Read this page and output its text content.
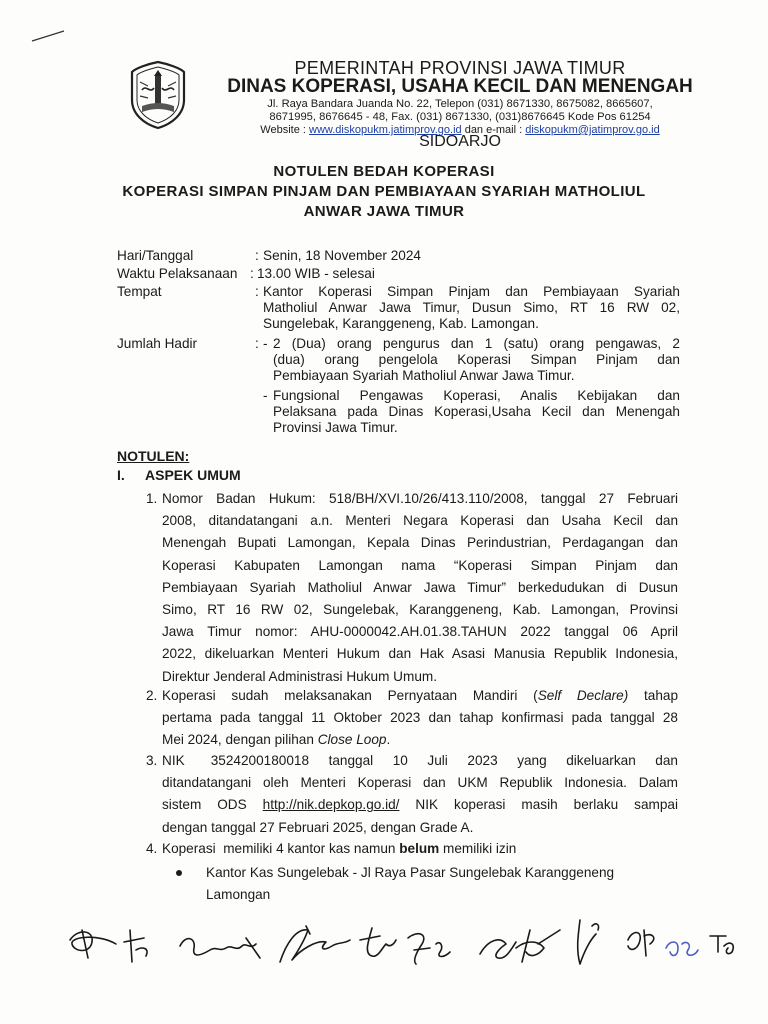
PEMERINTAH PROVINSI JAWA TIMUR
DINAS KOPERASI, USAHA KECIL DAN MENENGAH
Jl. Raya Bandara Juanda No. 22, Telepon (031) 8671330, 8675082, 8665607,
8671995, 8676645 - 48, Fax. (031) 8671330, (031)8676645 Kode Pos 61254
Website : www.diskopukm.jatimprov.go.id dan e-mail : diskopukm@jatimprov.go.id
SIDOARJO
NOTULEN BEDAH KOPERASI
KOPERASI SIMPAN PINJAM DAN PEMBIAYAAN SYARIAH MATHOLIUL
ANWAR JAWA TIMUR
Hari/Tanggal	: Senin, 18 November 2024
Waktu Pelaksanaan : 13.00 WIB - selesai
Tempat	: Kantor Koperasi Simpan Pinjam dan Pembiayaan Syariah
Matholiul Anwar Jawa Timur, Dusun Simo, RT 16 RW 02,
Sungelebak, Karanggeneng, Kab. Lamongan.
Jumlah Hadir	: - 2 (Dua) orang pengurus dan 1 (satu) orang pengawas, 2
(dua) orang pengelola Koperasi Simpan Pinjam dan
Pembiayaan Syariah Matholiul Anwar Jawa Timur.
- Fungsional Pengawas Koperasi, Analis Kebijakan dan
Pelaksana pada Dinas Koperasi,Usaha Kecil dan Menengah
Provinsi Jawa Timur.
NOTULEN:
I. ASPEK UMUM
1. Nomor Badan Hukum: 518/BH/XVI.10/26/413.110/2008, tanggal 27 Februari
2008, ditandatangani a.n. Menteri Negara Koperasi dan Usaha Kecil dan
Menengah Bupati Lamongan, Kepala Dinas Perindustrian, Perdagangan dan
Koperasi Kabupaten Lamongan nama “Koperasi Simpan Pinjam dan
Pembiayaan Syariah Matholiul Anwar Jawa Timur” berkedudukan di Dusun
Simo, RT 16 RW 02, Sungelebak, Karanggeneng, Kab. Lamongan, Provinsi
Jawa Timur nomor: AHU-0000042.AH.01.38.TAHUN 2022 tanggal 06 April
2022, dikeluarkan Menteri Hukum dan Hak Asasi Manusia Republik Indonesia,
Direktur Jenderal Administrasi Hukum Umum.
2. Koperasi sudah melaksanakan Pernyataan Mandiri (Self Declare) tahap
pertama pada tanggal 11 Oktober 2023 dan tahap konfirmasi pada tanggal 28
Mei 2024, dengan pilihan Close Loop.
3. NIK    3524200180018   tanggal   10   Juli   2023   yang   dikeluarkan   dan
ditandatangani oleh Menteri Koperasi dan UKM Republik Indonesia. Dalam
sistem ODS http://nik.depkop.go.id/ NIK koperasi masih berlaku sampai
dengan tanggal 27 Februari 2025, dengan Grade A.
4. Koperasi  memiliki 4 kantor kas namun belum memiliki izin
Kantor Kas Sungelebak - Jl Raya Pasar Sungelebak Karanggeneng
Lamongan
